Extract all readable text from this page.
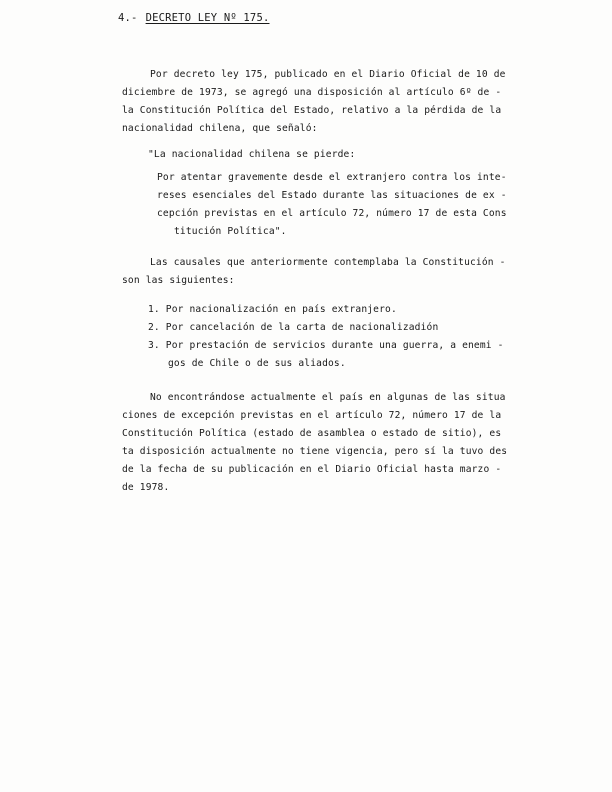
4.- DECRETO LEY Nº 175.
Por decreto ley 175, publicado en el Diario Oficial de 10 de
diciembre de 1973, se agregó una disposición al artículo 6º de -
la Constitución Política del Estado, relativo a la pérdida de la
nacionalidad chilena, que señaló:
"La nacionalidad chilena se pierde:
Por atentar gravemente desde el extranjero contra los inte-
reses esenciales del Estado durante las situaciones de ex -
cepción previstas en el artículo 72, número 17 de esta Cons
titución Política".
Las causales que anteriormente contemplaba la Constitución -
son las siguientes:
1. Por nacionalización en país extranjero.
2. Por cancelación de la carta de nacionalizadión
3. Por prestación de servicios durante una guerra, a enemi -
gos de Chile o de sus aliados.
No encontrándose actualmente el país en algunas de las situa
ciones de excepción previstas en el artículo 72, número 17 de la
Constitución Política (estado de asamblea o estado de sitio), es
ta disposición actualmente no tiene vigencia, pero sí la tuvo des
de la fecha de su publicación en el Diario Oficial hasta marzo -
de 1978.
